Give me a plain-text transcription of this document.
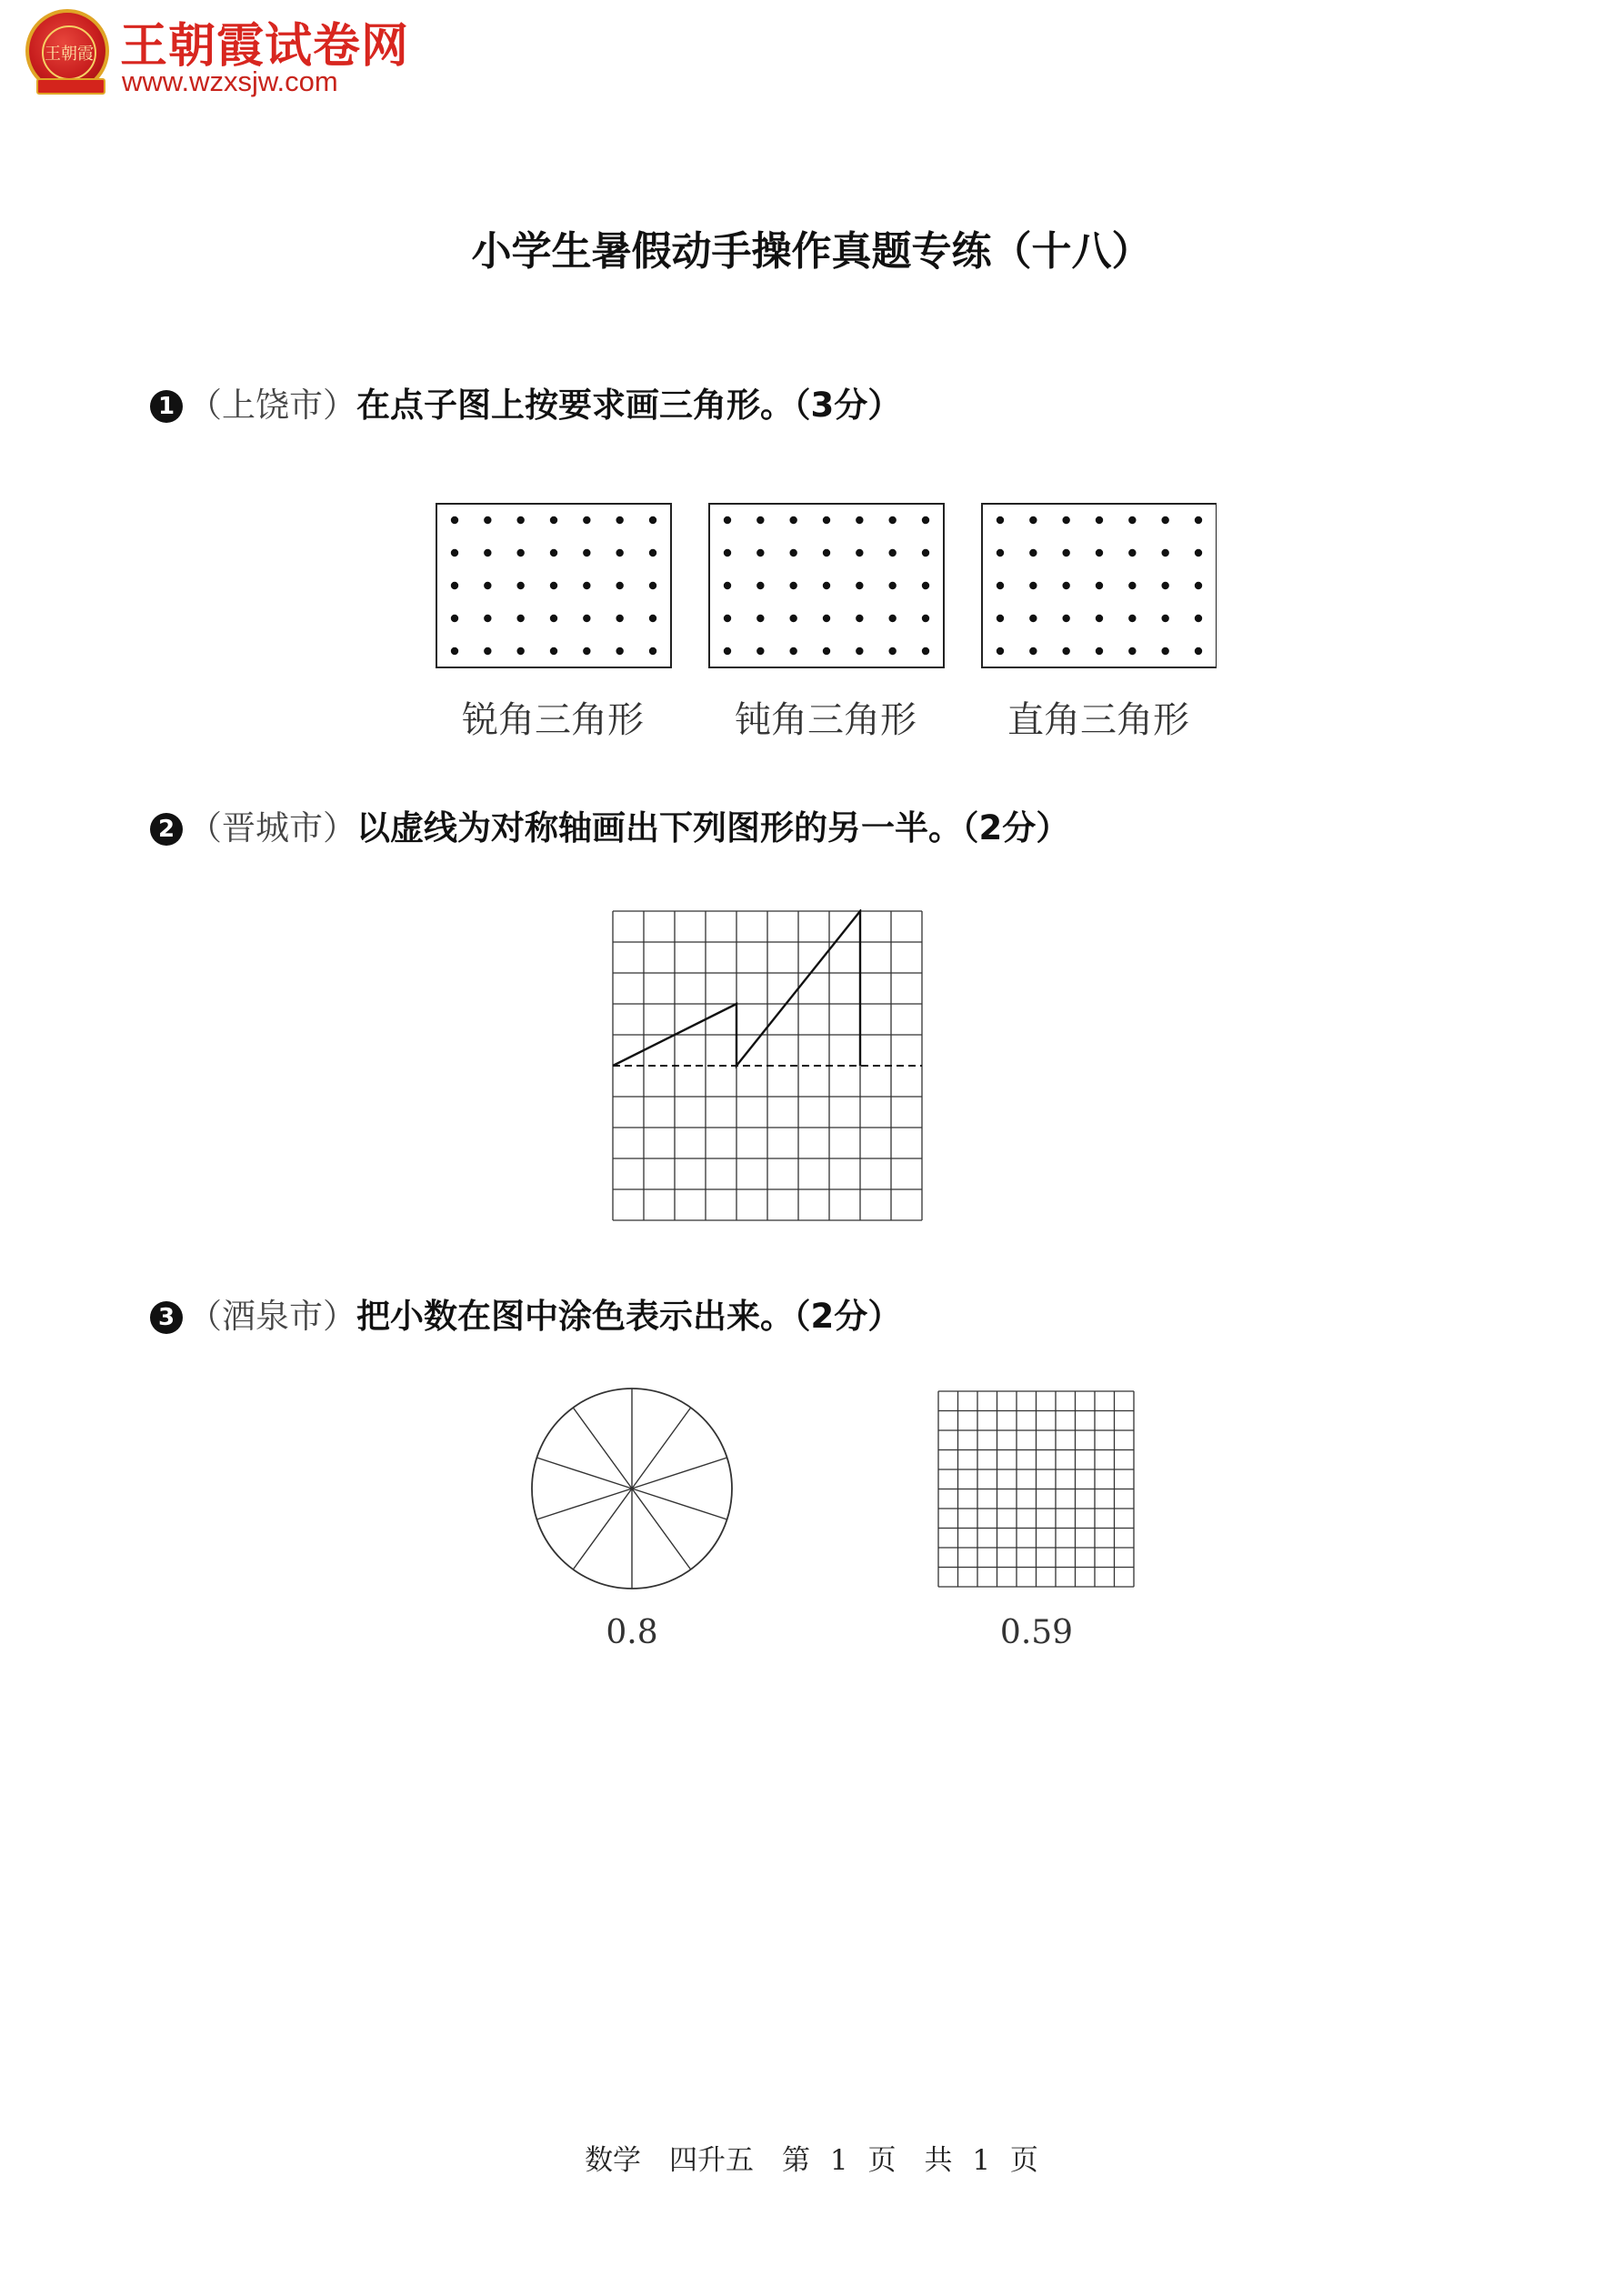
王朝霞 王朝霞试卷网
www.wzxsjw.com
小学生暑假动手操作真题专练（十八）
1 （上饶市）在点子图上按要求画三角形。（3分）
锐角三角形	钝角三角形	直角三角形
2 （晋城市）以虚线为对称轴画出下列图形的另一半。（2分）
3 （酒泉市）把小数在图中涂色表示出来。（2分）
0.8	0.59
数学　四升五　第 1 页　共 1 页
